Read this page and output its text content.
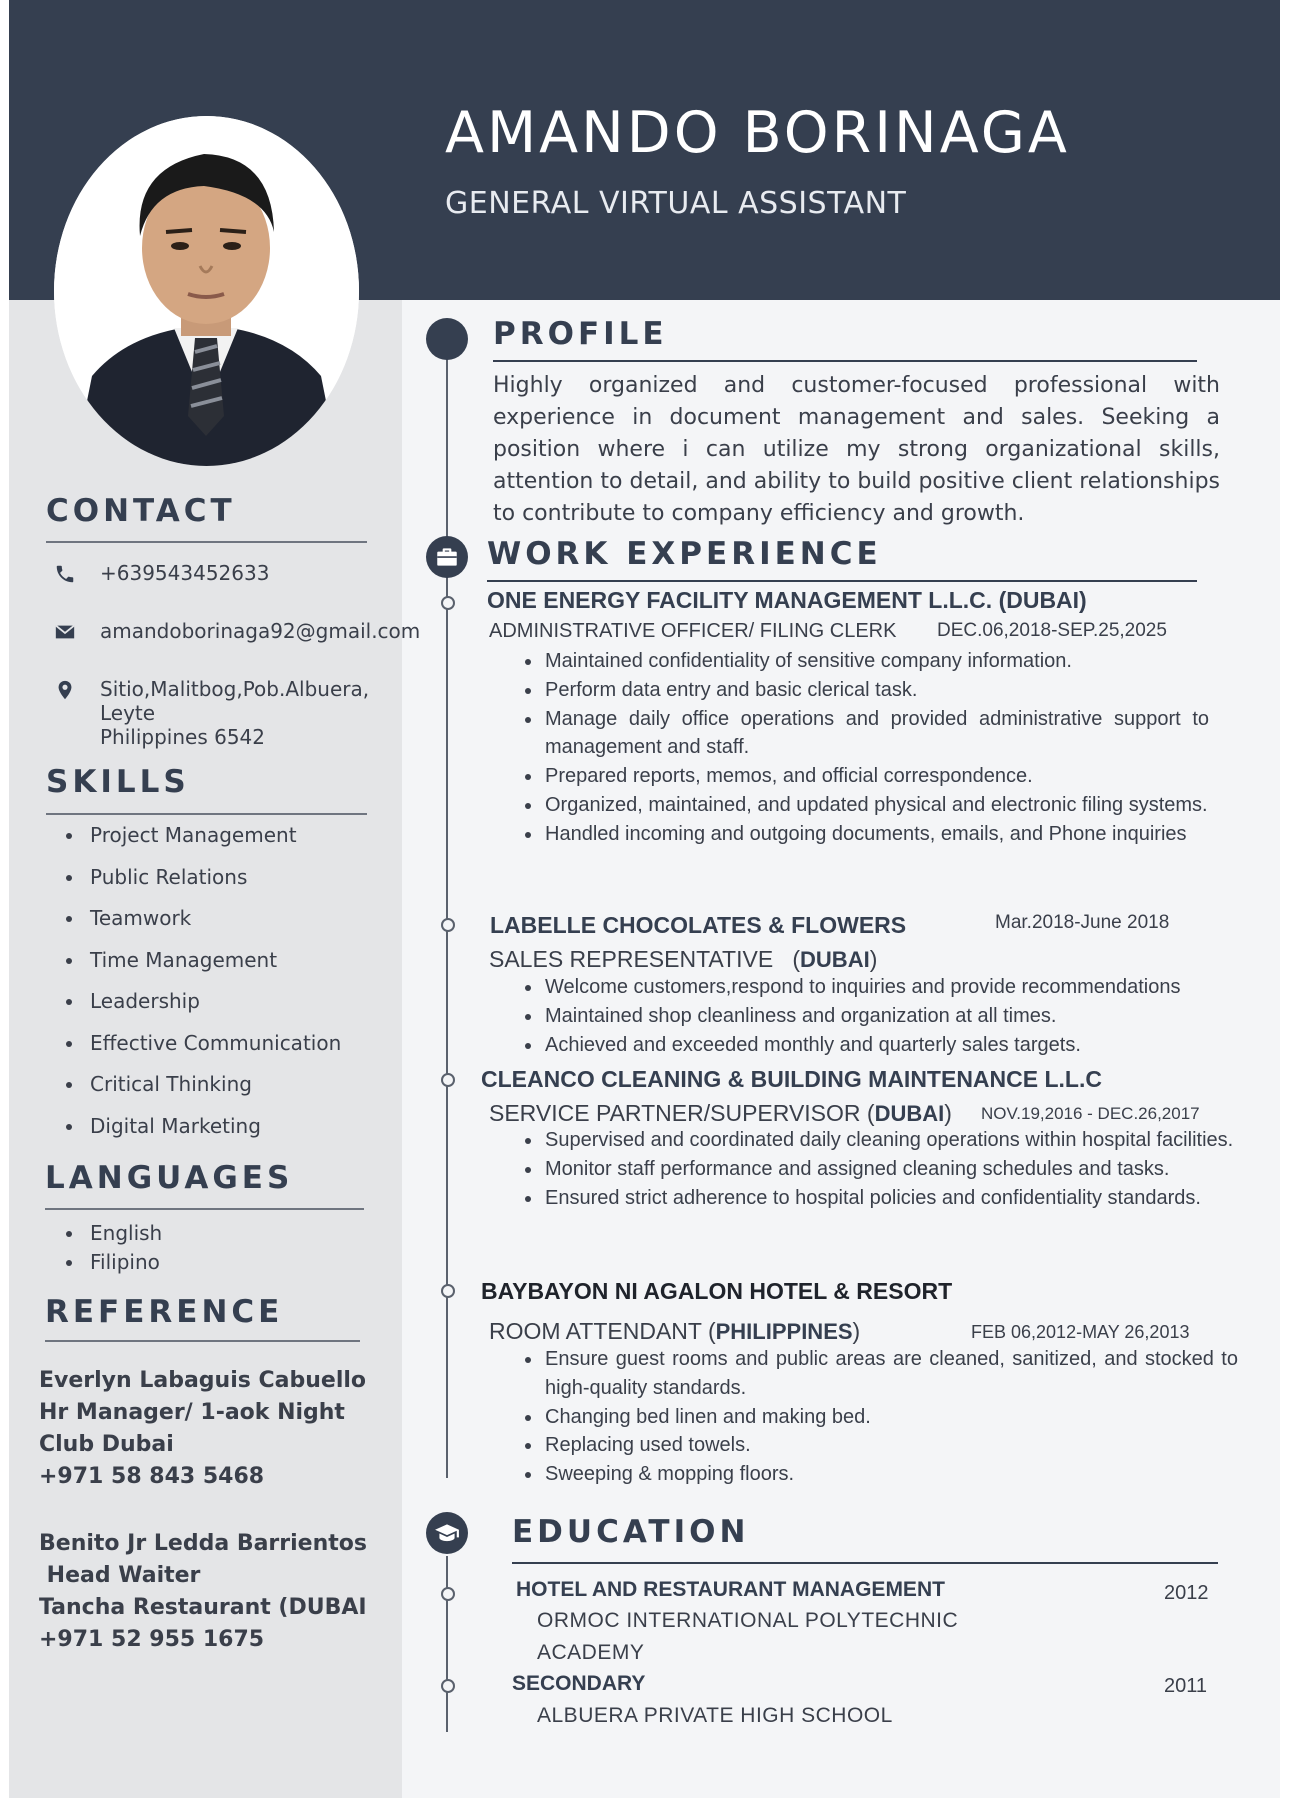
AMANDO BORINAGA
GENERAL VIRTUAL ASSISTANT
CONTACT
+639543452633
amandoborinaga92@gmail.com
Sitio,Malitbog,Pob.Albuera,
Leyte
Philippines 6542
SKILLS
Project Management
Public Relations
Teamwork
Time Management
Leadership
Effective Communication
Critical Thinking
Digital Marketing
LANGUAGES
English
Filipino
REFERENCE
Everlyn Labaguis Cabuello
Hr Manager/ 1-aok Night
Club Dubai
+971 58 843 5468
Benito Jr Ledda Barrientos
Head Waiter
Tancha Restaurant (DUBAI
+971 52 955 1675
PROFILE
Highly organized and customer-focused professional with experience in document management and sales. Seeking a position where i can utilize my strong organizational skills, attention to detail, and ability to build positive client relationships to contribute to company efficiency and growth.
WORK EXPERIENCE
ONE ENERGY FACILITY MANAGEMENT L.L.C. (DUBAI)
ADMINISTRATIVE OFFICER/ FILING CLERK DEC.06,2018-SEP.25,2025
Maintained confidentiality of sensitive company information.
Perform data entry and basic clerical task.
Manage daily office operations and provided administrative support to management and staff.
Prepared reports, memos, and official correspondence.
Organized, maintained, and updated physical and electronic filing systems.
Handled incoming and outgoing documents, emails, and Phone inquiries
LABELLE CHOCOLATES & FLOWERS	Mar.2018-June 2018
SALES REPRESENTATIVE   (DUBAI)
Welcome customers,respond to inquiries and provide recommendations
Maintained shop cleanliness and organization at all times.
Achieved and exceeded monthly and quarterly sales targets.
CLEANCO CLEANING & BUILDING MAINTENANCE L.L.C
SERVICE PARTNER/SUPERVISOR (DUBAI) NOV.19,2016 - DEC.26,2017
Supervised and coordinated daily cleaning operations within hospital facilities.
Monitor staff performance and assigned cleaning schedules and tasks.
Ensured strict adherence to hospital policies and confidentiality standards.
BAYBAYON NI AGALON HOTEL & RESORT
ROOM ATTENDANT (PHILIPPINES)	FEB 06,2012-MAY 26,2013
Ensure guest rooms and public areas are cleaned, sanitized, and stocked to high-quality standards.
Changing bed linen and making bed.
Replacing used towels.
Sweeping & mopping floors.
EDUCATION
HOTEL AND RESTAURANT MANAGEMENT	2012
ORMOC INTERNATIONAL POLYTECHNIC ACADEMY
SECONDARY	2011
ALBUERA PRIVATE HIGH SCHOOL
